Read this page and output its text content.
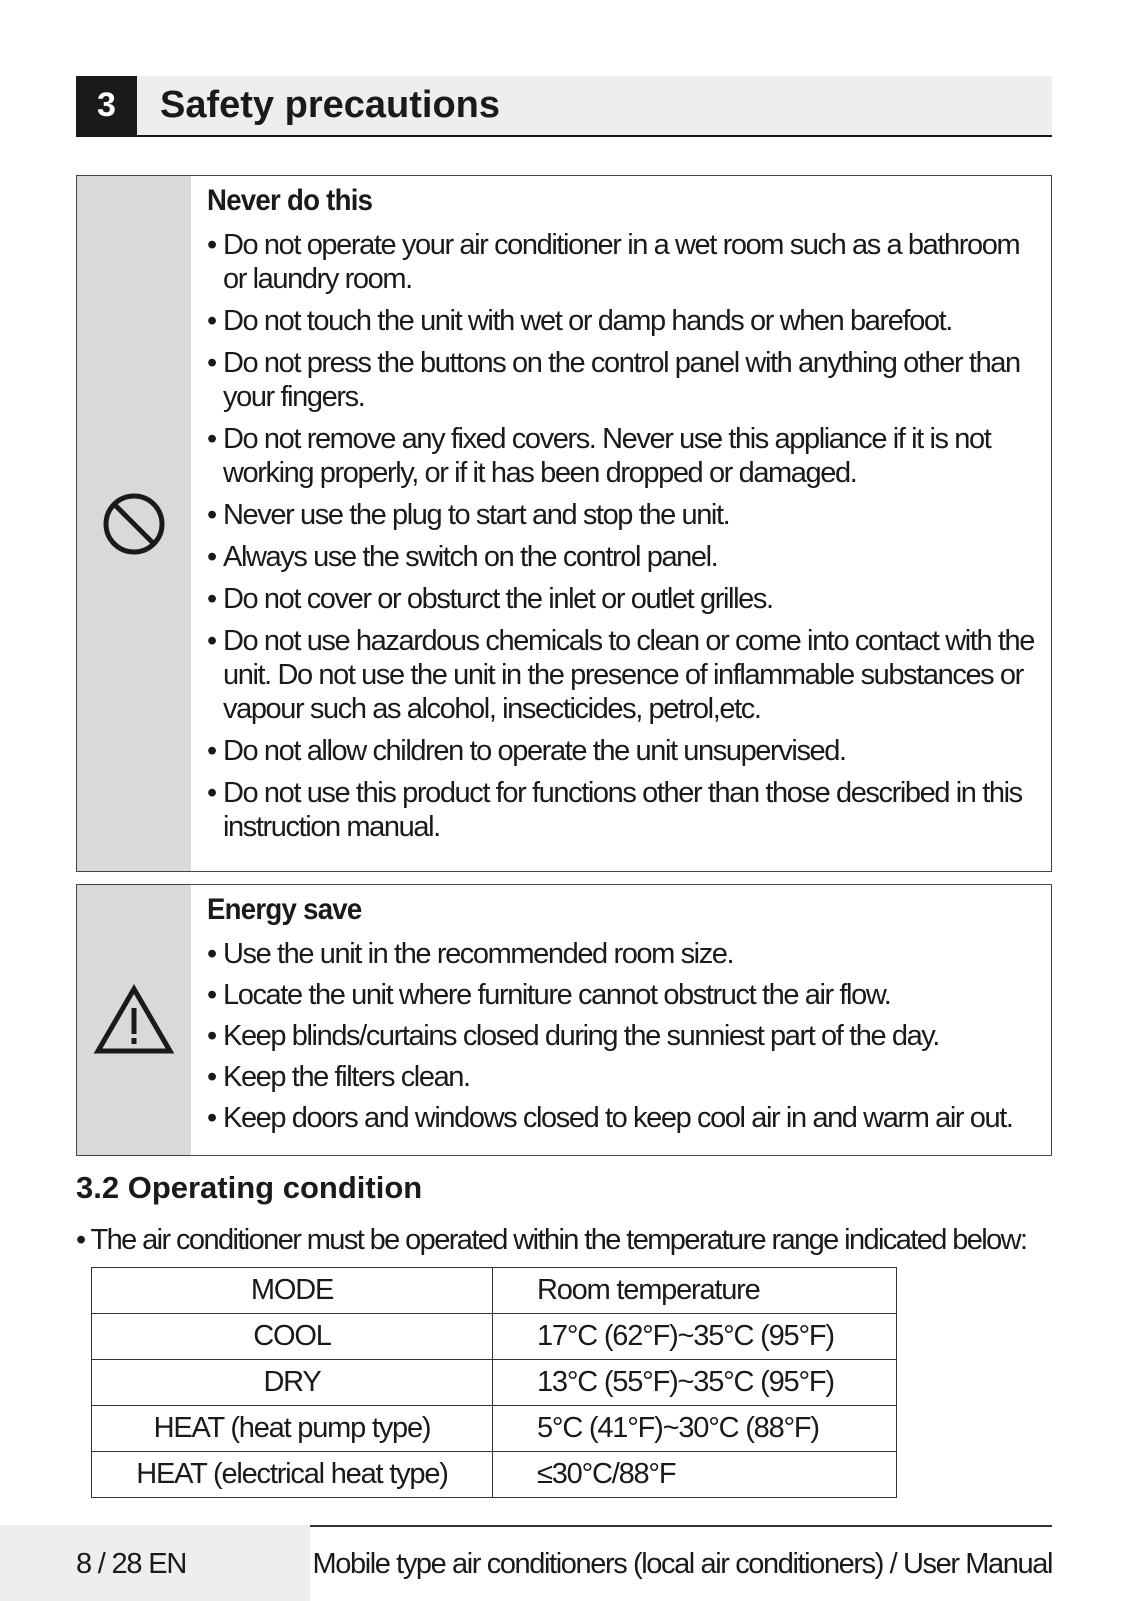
3	Safety precautions
Never do this
• Do not operate your air conditioner in a wet room such as a bathroom or laundry room.
• Do not touch the unit with wet or damp hands or when barefoot.
• Do not press the buttons on the control panel with anything other than your fingers.
• Do not remove any fixed covers. Never use this appliance if it is not working properly, or if it has been dropped or damaged.
• Never use the plug to start and stop the unit.
• Always use the switch on the control panel.
• Do not cover or obsturct the inlet or outlet grilles.
• Do not use hazardous chemicals to clean or come into contact with the unit. Do not use the unit in the presence of inflammable substances or vapour such as alcohol, insecticides, petrol,etc.
• Do not allow children to operate the unit unsupervised.
• Do not use this product for functions other than those described in this instruction manual.
Energy save
• Use the unit in the recommended room size.
• Locate the unit where furniture cannot obstruct the air flow.
• Keep blinds/curtains closed during the sunniest part of the day.
• Keep the filters clean.
• Keep doors and windows closed to keep cool air in and warm air out.
3.2 Operating condition
• The air conditioner must be operated within the temperature range indicated below:
MODE	Room temperature
COOL	17°C (62°F)~35°C (95°F)
DRY	13°C (55°F)~35°C (95°F)
HEAT (heat pump type)	5°C (41°F)~30°C (88°F)
HEAT (electrical heat type)	≤30°C/88°F
8 / 28 EN	Mobile type air conditioners (local air conditioners) / User Manual
